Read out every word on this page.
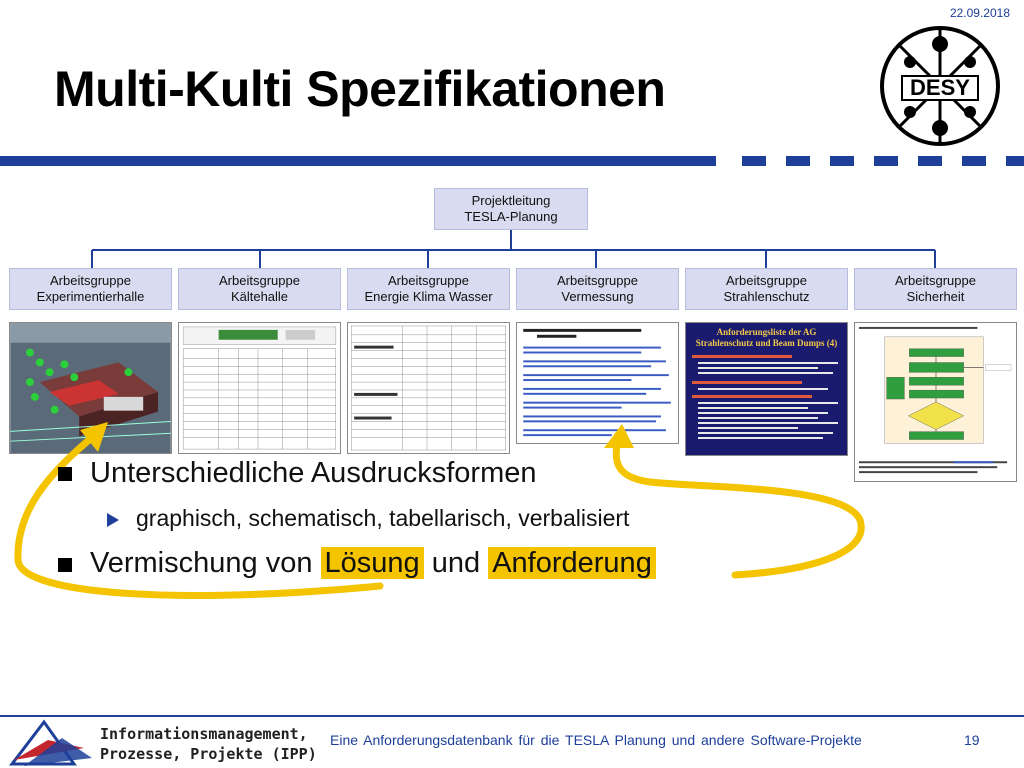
22.09.2018
Multi-Kulti Spezifikationen	DESY
Projektleitung
TESLA-Planung
Arbeitsgruppe
Experimentierhalle
Arbeitsgruppe
Kältehalle
Arbeitsgruppe
Energie Klima Wasser
Arbeitsgruppe
Vermessung
Arbeitsgruppe
Strahlenschutz
Arbeitsgruppe
Sicherheit
Anforderungsliste der AG Strahlenschutz und Beam Dumps (4)
Unterschiedliche Ausdrucksformen
graphisch, schematisch, tabellarisch, verbalisiert
Vermischung von Lösung und Anforderung
Informationsmanagement,
Prozesse, Projekte (IPP)
Eine Anforderungsdatenbank für die TESLA Planung und andere Software-Projekte	19
